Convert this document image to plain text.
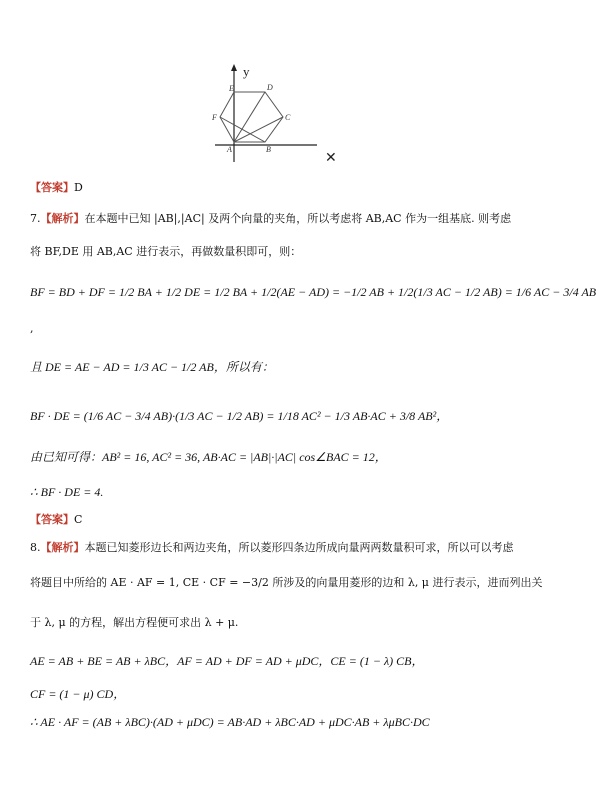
✕
y
E	D
F	C
A	B
【答案】D
7.【解析】在本题中已知 |AB|,|AC| 及两个向量的夹角，所以考虑将 AB,AC 作为一组基底. 则考虑
将 BF,DE 用 AB,AC 进行表示，再做数量积即可，则：
BF = BD + DF = 1/2 BA + 1/2 DE = 1/2 BA + 1/2(AE − AD) = −1/2 AB + 1/2(1/3 AC − 1/2 AB) = 1/6 AC − 3/4 AB
,
且 DE = AE − AD = 1/3 AC − 1/2 AB，所以有：
BF · DE = (1/6 AC − 3/4 AB)·(1/3 AC − 1/2 AB) = 1/18 AC² − 1/3 AB·AC + 3/8 AB²，
由已知可得：AB² = 16, AC² = 36, AB·AC = |AB|·|AC| cos∠BAC = 12，
∴ BF · DE = 4.
【答案】C
8.【解析】本题已知菱形边长和两边夹角，所以菱形四条边所成向量两两数量积可求，所以可以考虑
将题目中所给的 AE · AF = 1, CE · CF = −3/2 所涉及的向量用菱形的边和 λ, μ 进行表示，进而列出关
于 λ, μ 的方程，解出方程便可求出 λ + μ.
AE = AB + BE = AB + λBC，AF = AD + DF = AD + μDC，CE = (1 − λ) CB，
CF = (1 − μ) CD，
∴ AE · AF = (AB + λBC)·(AD + μDC) = AB·AD + λBC·AD + μDC·AB + λμBC·DC
